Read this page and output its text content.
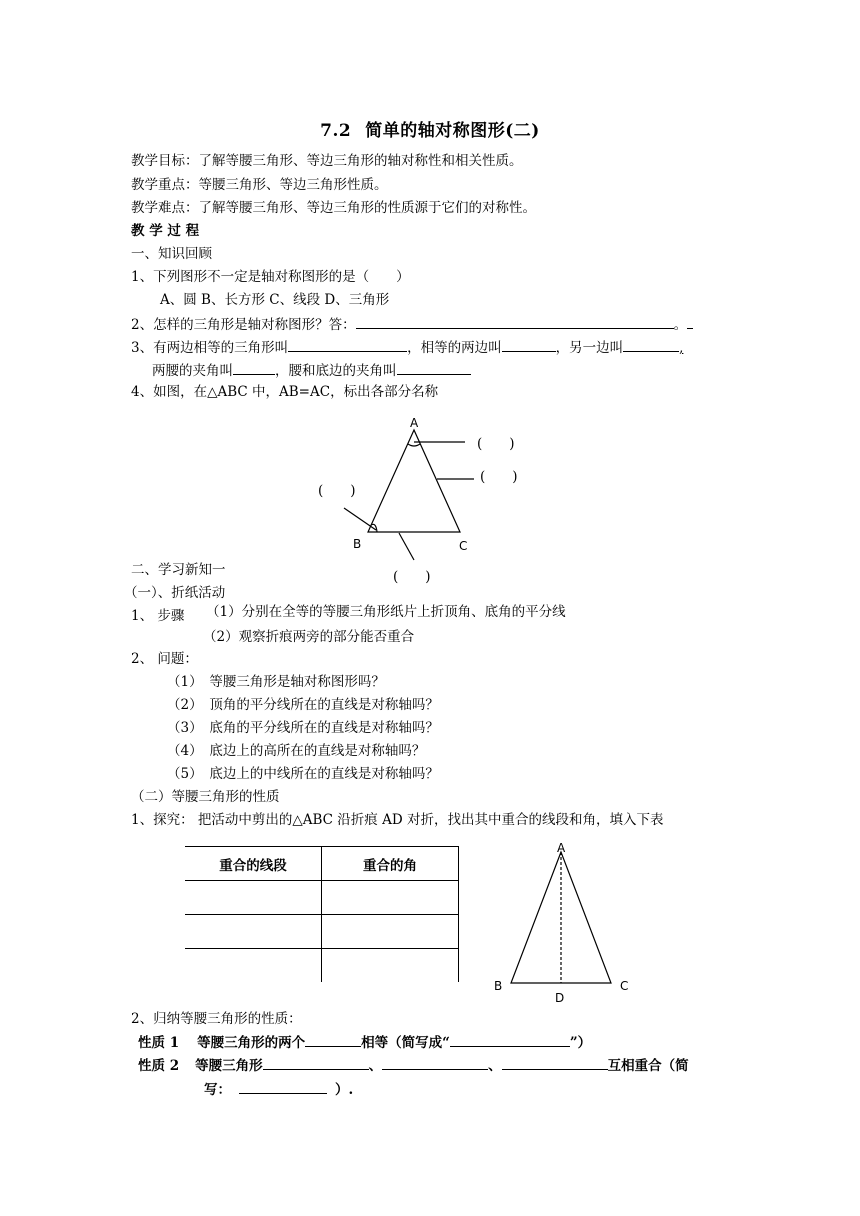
7.2 简单的轴对称图形(二)
教学目标：了解等腰三角形、等边三角形的轴对称性和相关性质。
教学重点：等腰三角形、等边三角形性质。
教学难点：了解等腰三角形、等边三角形的性质源于它们的对称性。
教 学 过 程
一、知识回顾
1、下列图形不一定是轴对称图形的是（　　）
A、圆 B、长方形 C、线段 D、三角形
2、怎样的三角形是轴对称图形？答：	。
3、有两边相等的三角形叫	，相等的两边叫	，另一边叫	,
两腰的夹角叫	，腰和底边的夹角叫
4、如图，在△ABC 中，AB=AC，标出各部分名称
A
B	C
(　　)
(　　)
(　　)
(　　)
二、学习新知一
（一）、折纸活动
1、 步骤 （1）分别在全等的等腰三角形纸片上折顶角、底角的平分线
（2）观察折痕两旁的部分能否重合
2、 问题：
（1）　等腰三角形是轴对称图形吗？
（2）　顶角的平分线所在的直线是对称轴吗？
（3）　底角的平分线所在的直线是对称轴吗？
（4）　底边上的高所在的直线是对称轴吗？
（5）　底边上的中线所在的直线是对称轴吗？
（二）等腰三角形的性质
1、探究： 把活动中剪出的△ABC 沿折痕 AD 对折，找出其中重合的线段和角，填入下表
重合的线段	重合的角

A
B	C
D
2、归纳等腰三角形的性质：
性质 1 等腰三角形的两个	相等（简写成“	”）
性质 2 等腰三角形	、	、	互相重合（简
写：	）.
